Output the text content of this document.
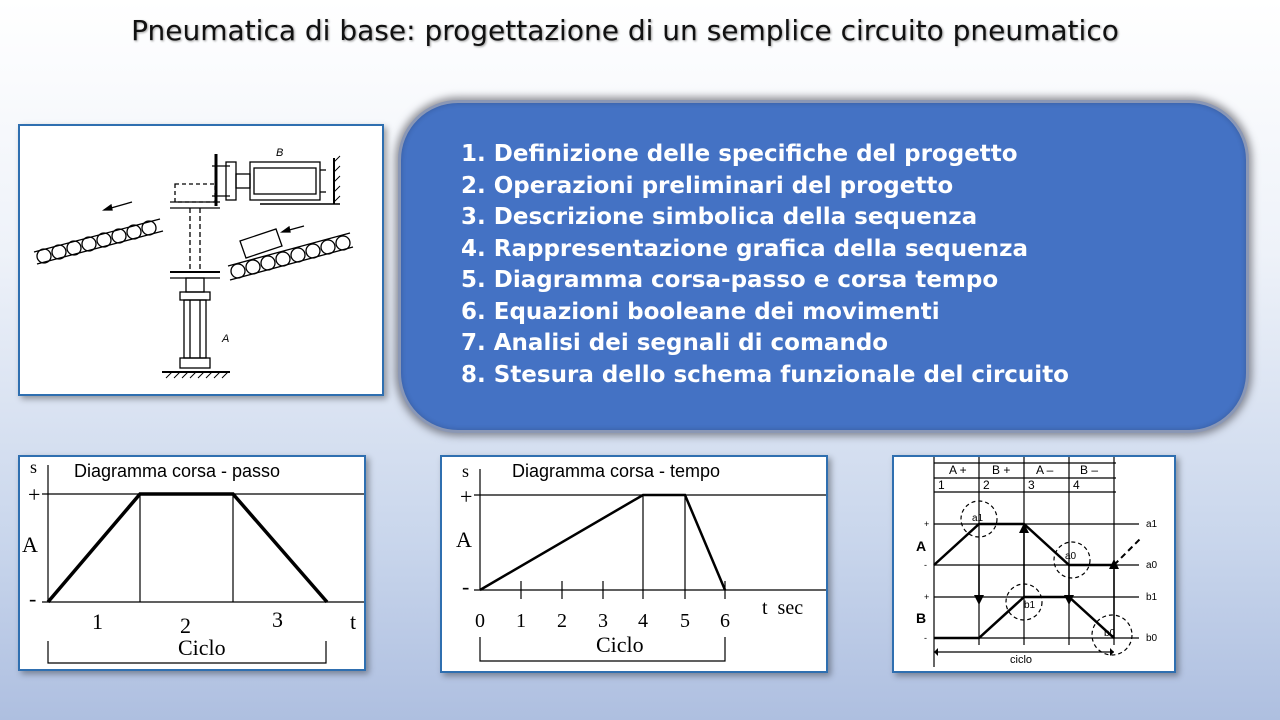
Pneumatica di base: progettazione di un semplice circuito pneumatico
B
A
1. Definizione delle specifiche del progetto
2. Operazioni preliminari del progetto
3. Descrizione simbolica della sequenza
4. Rappresentazione grafica della sequenza
5. Diagramma corsa-passo e corsa tempo
6. Equazioni booleane dei movimenti
7. Analisi dei segnali di comando
8. Stesura dello schema funzionale del circuito
Diagramma corsa - passo
s
+
A
-
1	2	3	t
Ciclo
Diagramma corsa - tempo
s
+
A
-
0 1 2 3 4 5 6
t  sec
Ciclo
A + B + A – B –
1	2	3	4
+
A
-
+
B
-
a1
a0
b1
b0
a1
a0
b1
b0
ciclo
